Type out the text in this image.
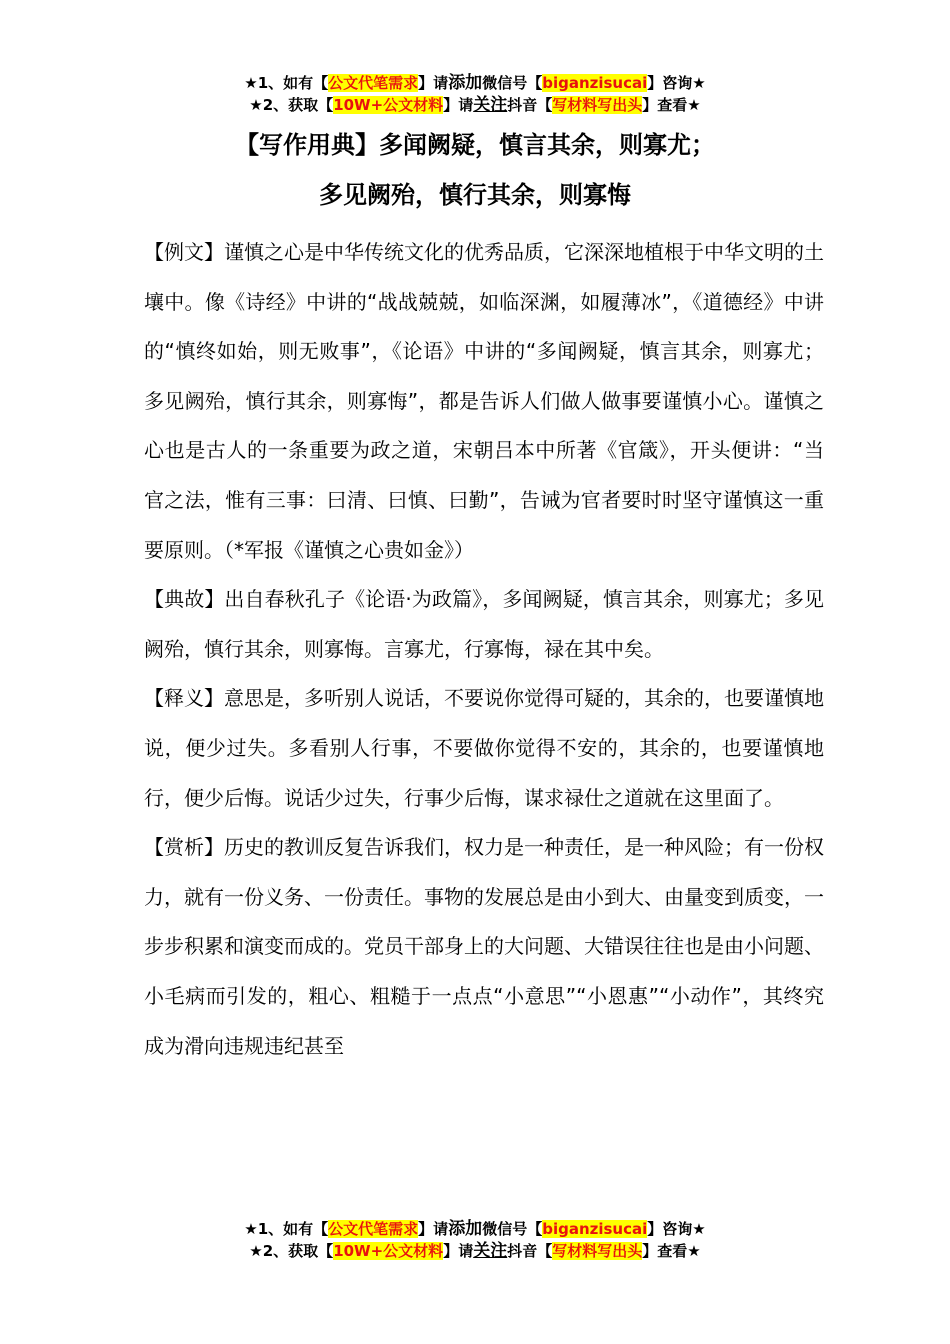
★1、如有【公文代笔需求】请添加微信号【biganzisucai】咨询★
★2、获取【10W+公文材料】请关注抖音【写材料写出头】查看★
【写作用典】多闻阙疑，慎言其余，则寡尤；
多见阙殆，慎行其余，则寡悔

【例文】谨慎之心是中华传统文化的优秀品质，它深深地植根于中华文明的土壤中。像《诗经》中讲的“战战兢兢，如临深渊，如履薄冰”，《道德经》中讲的“慎终如始，则无败事”，《论语》中讲的“多闻阙疑，慎言其余，则寡尤；多见阙殆，慎行其余，则寡悔”，都是告诉人们做人做事要谨慎小心。谨慎之心也是古人的一条重要为政之道，宋朝吕本中所著《官箴》，开头便讲：“当官之法，惟有三事：曰清、曰慎、曰勤”，告诫为官者要时时坚守谨慎这一重要原则。（*军报《谨慎之心贵如金》）

【典故】出自春秋孔子《论语·为政篇》，多闻阙疑，慎言其余，则寡尤；多见阙殆，慎行其余，则寡悔。言寡尤，行寡悔，禄在其中矣。

【释义】意思是，多听别人说话，不要说你觉得可疑的，其余的，也要谨慎地说，便少过失。多看别人行事，不要做你觉得不安的，其余的，也要谨慎地行，便少后悔。说话少过失，行事少后悔，谋求禄仕之道就在这里面了。

【赏析】历史的教训反复告诉我们，权力是一种责任，是一种风险；有一份权力，就有一份义务、一份责任。事物的发展总是由小到大、由量变到质变，一步步积累和演变而成的。党员干部身上的大问题、大错误往往也是由小问题、小毛病而引发的，粗心、粗糙于一点点“小意思”“小恩惠”“小动作”，其终究成为滑向违规违纪甚至

★1、如有【公文代笔需求】请添加微信号【biganzisucai】咨询★
★2、获取【10W+公文材料】请关注抖音【写材料写出头】查看★
